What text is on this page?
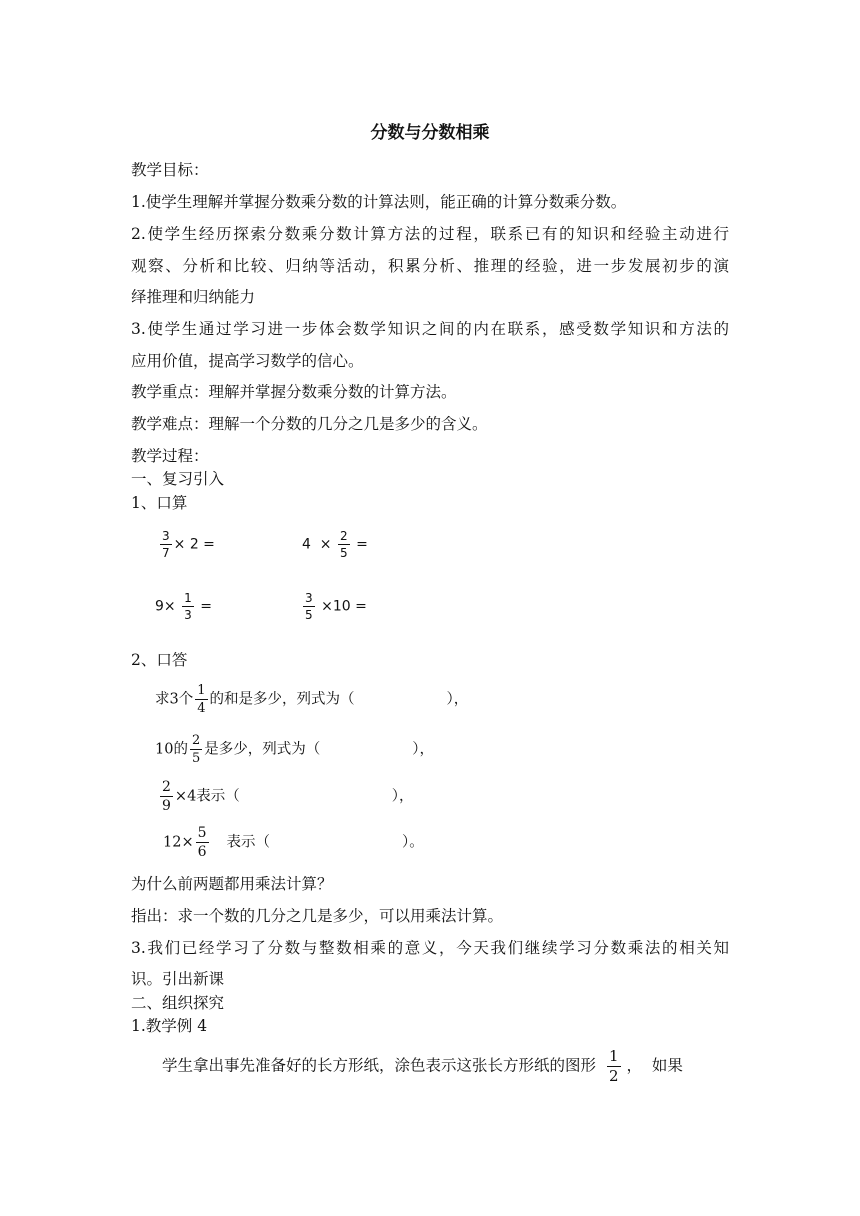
分数与分数相乘
教学目标：
1.使学生理解并掌握分数乘分数的计算法则，能正确的计算分数乘分数。
2.使学生经历探索分数乘分数计算方法的过程，联系已有的知识和经验主动进行
观察、分析和比较、归纳等活动，积累分析、推理的经验，进一步发展初步的演
绎推理和归纳能力
3.使学生通过学习进一步体会数学知识之间的内在联系，感受数学知识和方法的
应用价值，提高学习数学的信心。
教学重点：理解并掌握分数乘分数的计算方法。
教学难点：理解一个分数的几分之几是多少的含义。
教学过程：
一、复习引入
1、口算
$\frac{3}{7} \times 2$ =	$4 \times \frac{2}{5}$ =
$9\times \frac{1}{3}$ =	$\frac{3}{5} \times 10$ =
2、口答
求3个 $\frac{1}{4}$ 的和是多少，列式为（	），
10的 $\frac{2}{5}$ 是多少，列式为（	），
$\frac{2}{9} \times 4$表示（	），
$12\times \frac{5}{6}$ 表示（	）。
为什么前两题都用乘法计算？
指出：求一个数的几分之几是多少，可以用乘法计算。
3.我们已经学习了分数与整数相乘的意义，今天我们继续学习分数乘法的相关知
识。引出新课
二、组织探究
1.教学例 4
学生拿出事先准备好的长方形纸，涂色表示这张长方形纸的图形 $\frac{1}{2}$ ，  如果
